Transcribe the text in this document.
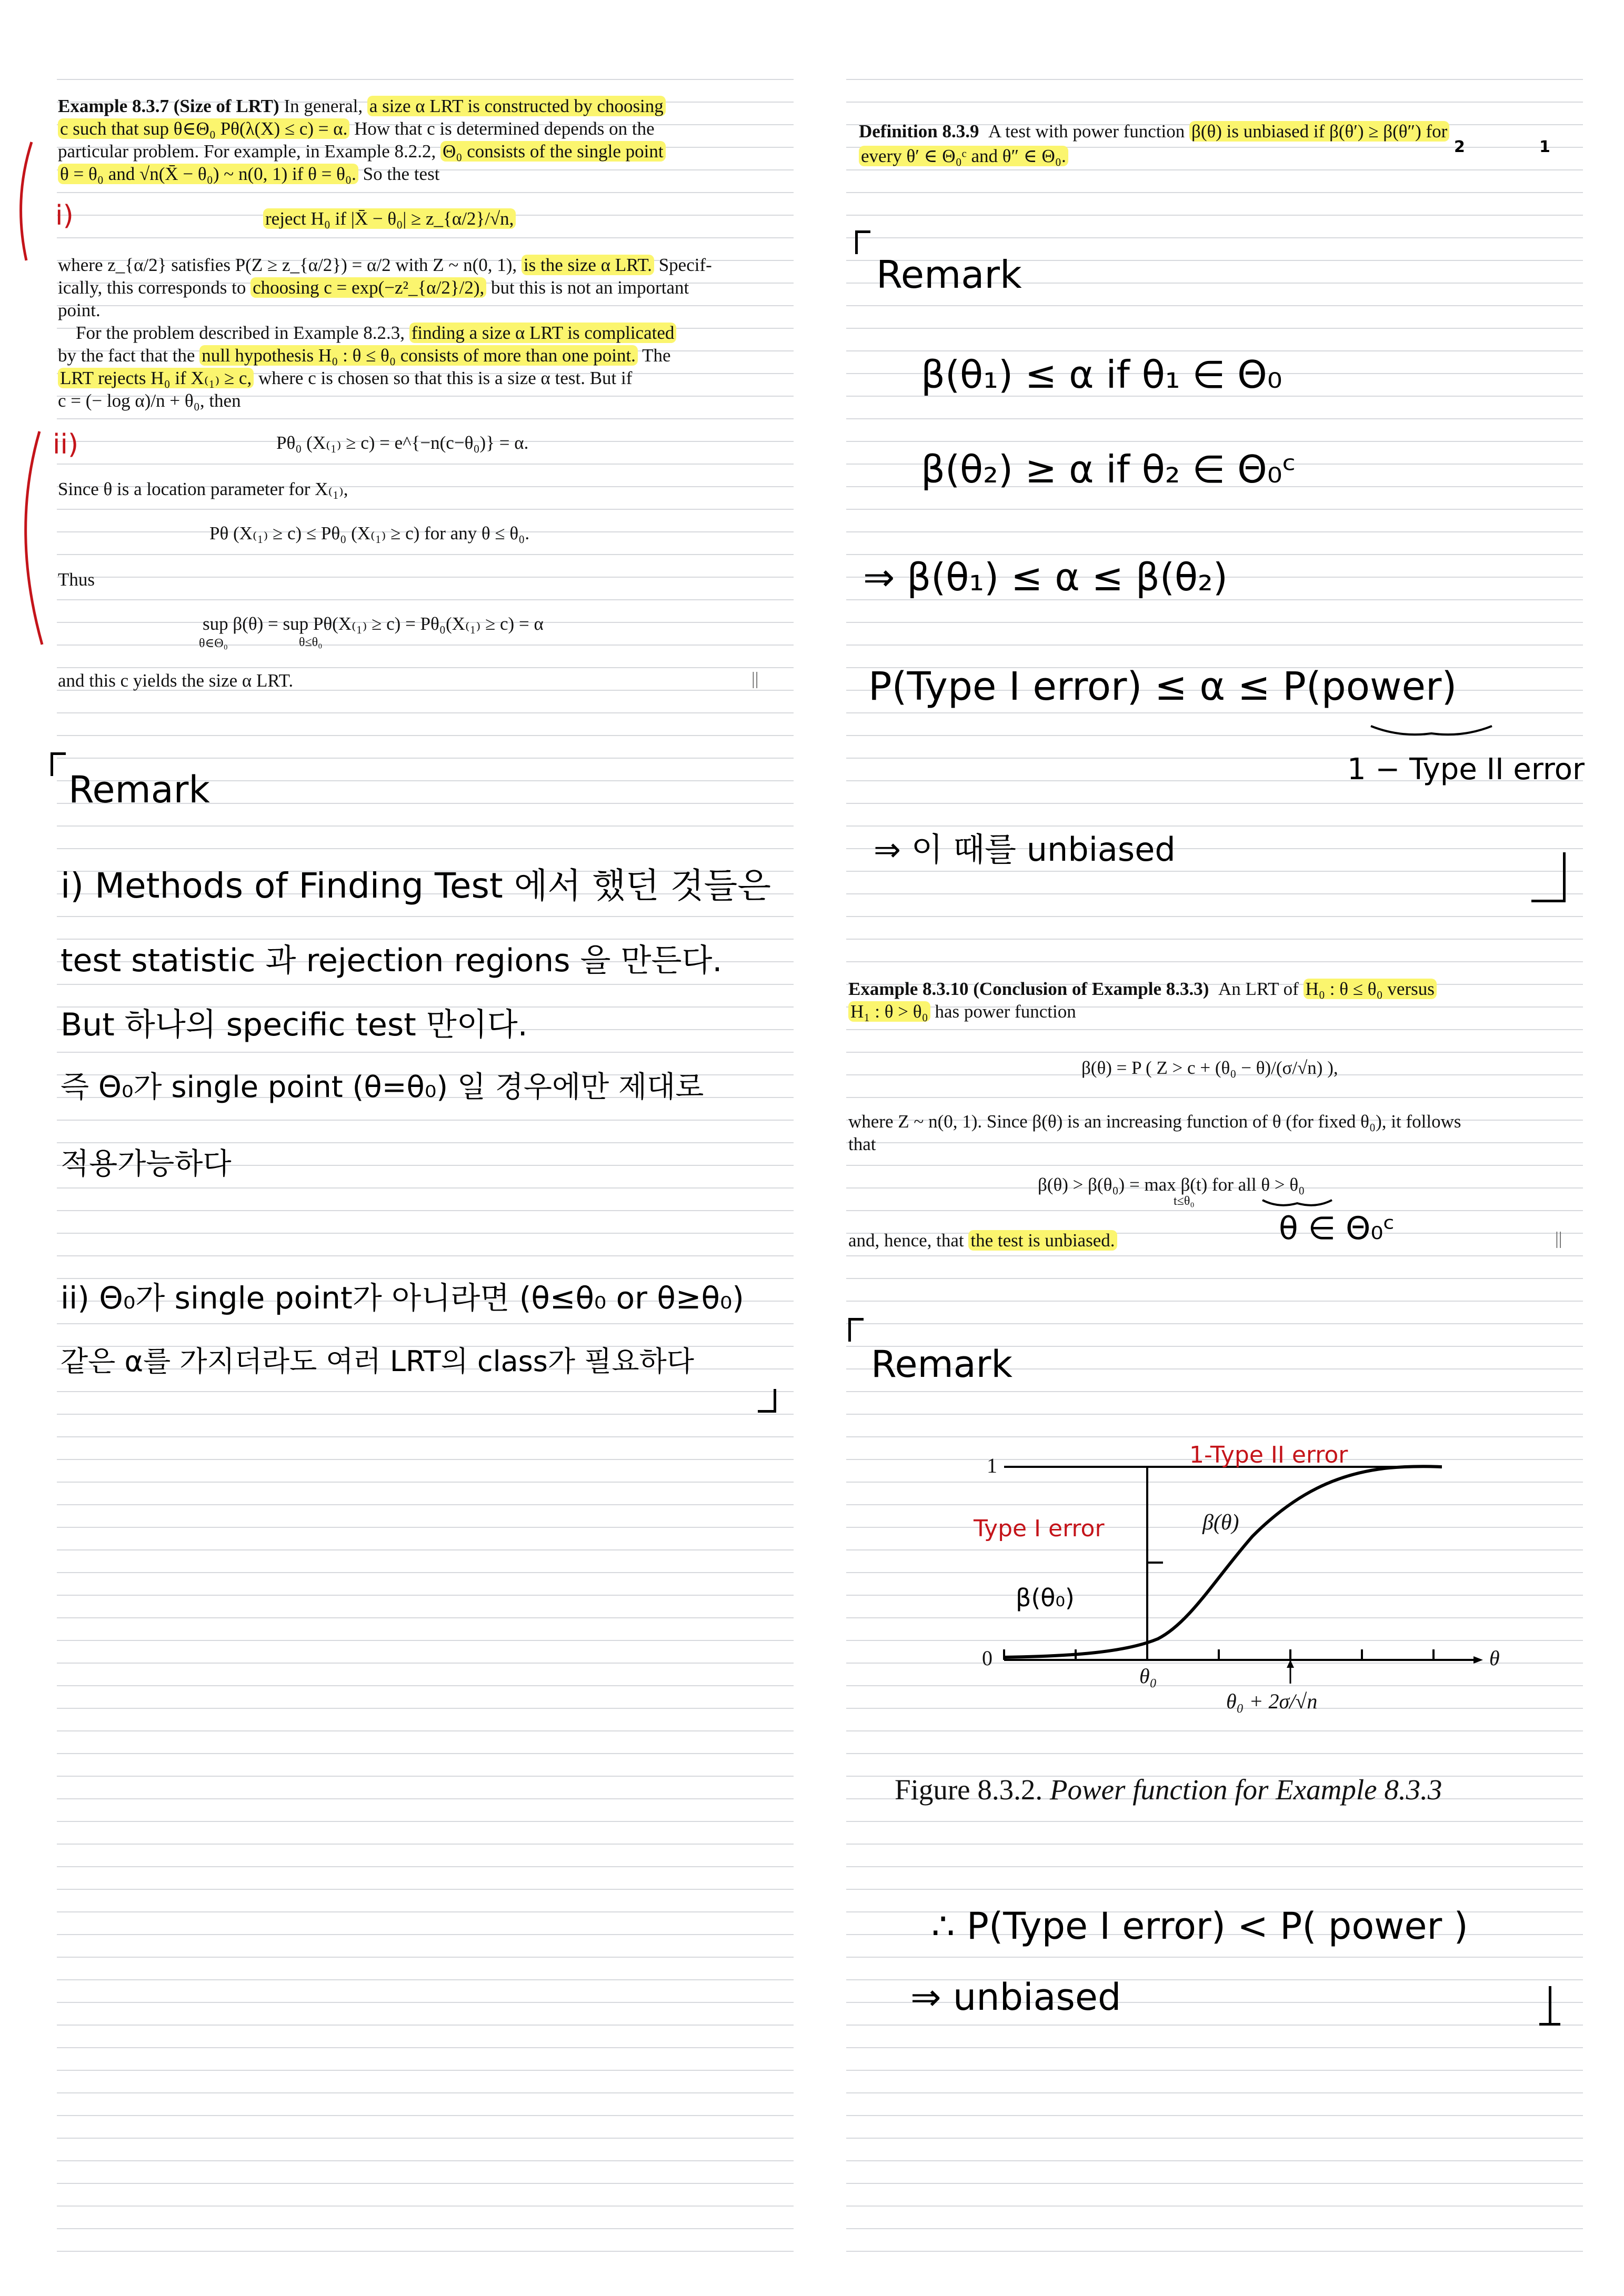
Example 8.3.7 (Size of LRT) In general, a size α LRT is constructed by choosing

c such that sup θ∈Θ₀ Pθ(λ(X) ≤ c) = α. How that c is determined depends on the

particular problem. For example, in Example 8.2.2, Θ₀ consists of the single point

θ = θ₀ and √n(X̄ − θ₀) ~ n(0, 1) if θ = θ₀. So the test

reject H₀ if |X̄ − θ₀| ≥ z_{α/2}/√n,

where z_{α/2} satisfies P(Z ≥ z_{α/2}) = α/2 with Z ~ n(0, 1), is the size α LRT. Specif-

ically, this corresponds to choosing c = exp(−z²_{α/2}/2), but this is not an important

point.

For the problem described in Example 8.2.3, finding a size α LRT is complicated

by the fact that the null hypothesis H₀ : θ ≤ θ₀ consists of more than one point. The

LRT rejects H₀ if X₍₁₎ ≥ c, where c is chosen so that this is a size α test. But if

c = (− log α)/n + θ₀, then

Pθ₀ (X₍₁₎ ≥ c) = e^{−n(c−θ₀)} = α.

Since θ is a location parameter for X₍₁₎,

Pθ (X₍₁₎ ≥ c) ≤ Pθ₀ (X₍₁₎ ≥ c) for any θ ≤ θ₀.

Thus

sup β(θ) = sup Pθ(X₍₁₎ ≥ c) = Pθ₀(X₍₁₎ ≥ c) = α
θ∈Θ₀	θ≤θ₀

and this c yields the size α LRT.	||
i)
ii)
Remark
i) Methods of Finding Test 에서 했던 것들은
test statistic 과 rejection regions 을 만든다.
But 하나의 specific test 만이다.
즉 Θ₀가 single point (θ=θ₀) 일 경우에만 제대로
적용가능하다
ii) Θ₀가 single point가 아니라면 (θ≤θ₀ or θ≥θ₀)
같은 α를 가지더라도 여러 LRT의 class가 필요하다

Definition 8.3.9 A test with power function β(θ) is unbiased if β(θ′) ≥ β(θ″) for

every θ′ ∈ Θ₀ᶜ and θ″ ∈ Θ₀.	2	1
Remark
β(θ₁) ≤ α if θ₁ ∈ Θ₀
β(θ₂) ≥ α if θ₂ ∈ Θ₀ᶜ
⇒ β(θ₁) ≤ α ≤ β(θ₂)
P(Type I error) ≤ α ≤ P(power)
1 − Type II error
⇒ 이 때를 unbiased

Example 8.3.10 (Conclusion of Example 8.3.3) An LRT of H₀ : θ ≤ θ₀ versus

H₁ : θ > θ₀ has power function

β(θ) = P ( Z > c + (θ₀ − θ)/(σ/√n) ),

where Z ~ n(0, 1). Since β(θ) is an increasing function of θ (for fixed θ₀), it follows

that

β(θ) > β(θ₀) = max β(t) for all θ > θ₀
t≤θ₀
θ ∈ Θ₀ᶜ

and, hence, that the test is unbiased.	||
Remark
1
0	θ
θ₀
θ₀ + 2σ/√n
β(θ)
Type I error
1-Type II error
β(θ₀)
Figure 8.3.2. Power function for Example 8.3.3
∴ P(Type I error) < P( power )
⇒ unbiased
